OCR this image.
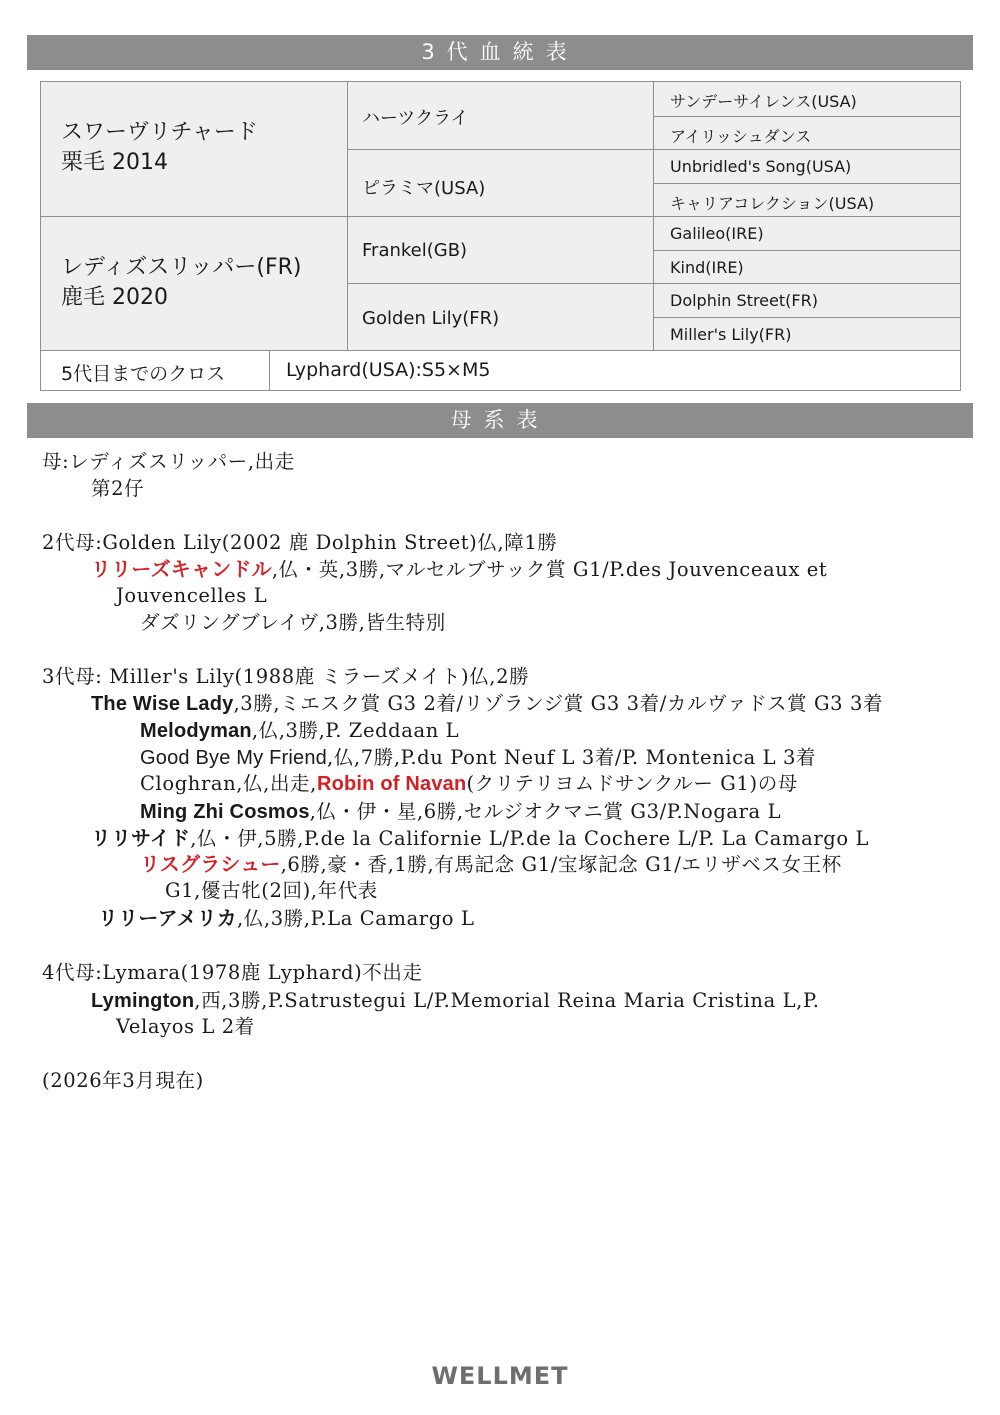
3代血統表
スワーヴリチャード
栗毛 2014
レディズスリッパー(FR)
鹿毛 2020
ハーツクライ
ピラミマ(USA)
Frankel(GB)
Golden Lily(FR)
サンデーサイレンス(USA)
アイリッシュダンス
Unbridled's Song(USA)
キャリアコレクション(USA)
Galileo(IRE)
Kind(IRE)
Dolphin Street(FR)
Miller's Lily(FR)
5代目までのクロス	Lyphard(USA):S5×M5
母系表
母:レディズスリッパー,出走
第2仔
2代母:Golden Lily(2002 鹿 Dolphin Street)仏,障1勝
リリーズキャンドル,仏・英,3勝,マルセルブサック賞 G1/P.des Jouvenceaux et
Jouvencelles L
ダズリングブレイヴ,3勝,皆生特別
3代母: Miller's Lily(1988鹿 ミラーズメイト)仏,2勝
The Wise Lady,3勝,ミエスク賞 G3 2着/リゾランジ賞 G3 3着/カルヴァドス賞 G3 3着
Melodyman,仏,3勝,P. Zeddaan L
Good Bye My Friend,仏,7勝,P.du Pont Neuf L 3着/P. Montenica L 3着
Cloghran,仏,出走,Robin of Navan(クリテリヨムドサンクルー G1)の母
Ming Zhi Cosmos,仏・伊・星,6勝,セルジオクマニ賞 G3/P.Nogara L
リリサイド,仏・伊,5勝,P.de la Californie L/P.de la Cochere L/P. La Camargo L
リスグラシュー,6勝,豪・香,1勝,有馬記念 G1/宝塚記念 G1/エリザベス女王杯
G1,優古牝(2回),年代表
リリーアメリカ,仏,3勝,P.La Camargo L
4代母:Lymara(1978鹿 Lyphard)不出走
Lymington,西,3勝,P.Satrustegui L/P.Memorial Reina Maria Cristina L,P.
Velayos L 2着
(2026年3月現在)
WELLMET
